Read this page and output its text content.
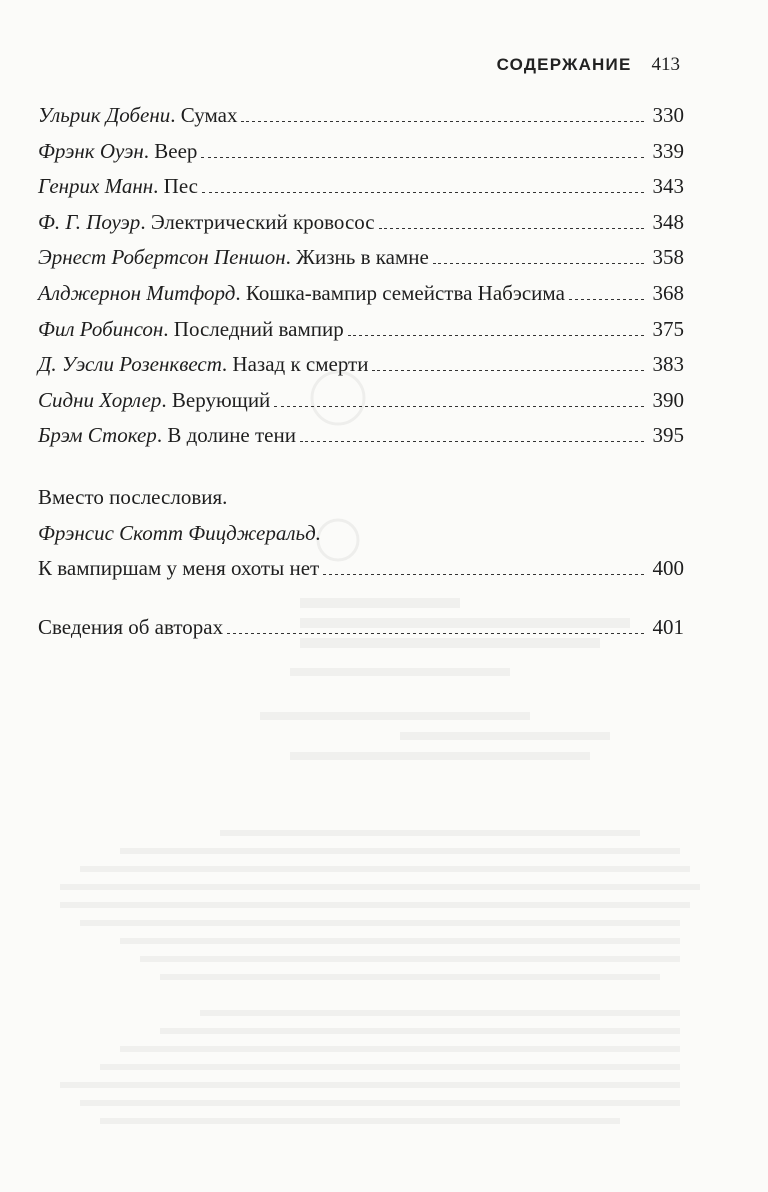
СОДЕРЖАНИЕ 413
Ульрик Добени . Сумах	330
Фрэнк Оуэн . Веер	339
Генрих Манн . Пес	343
Ф. Г. Поуэр . Электрический кровосос	348
Эрнест Робертсон Пеншон . Жизнь в камне	358
Алджернон Митфорд . Кошка-вампир семейства Набэсима	368
Фил Робинсон . Последний вампир	375
Д. Уэсли Розенквест . Назад к смерти	383
Сидни Хорлер . Верующий	390
Брэм Стокер . В долине тени	395
Вместо послесловия.
Фрэнсис Скотт Фицджеральд.
К вампиршам у меня охоты нет	400
Сведения об авторах	401
